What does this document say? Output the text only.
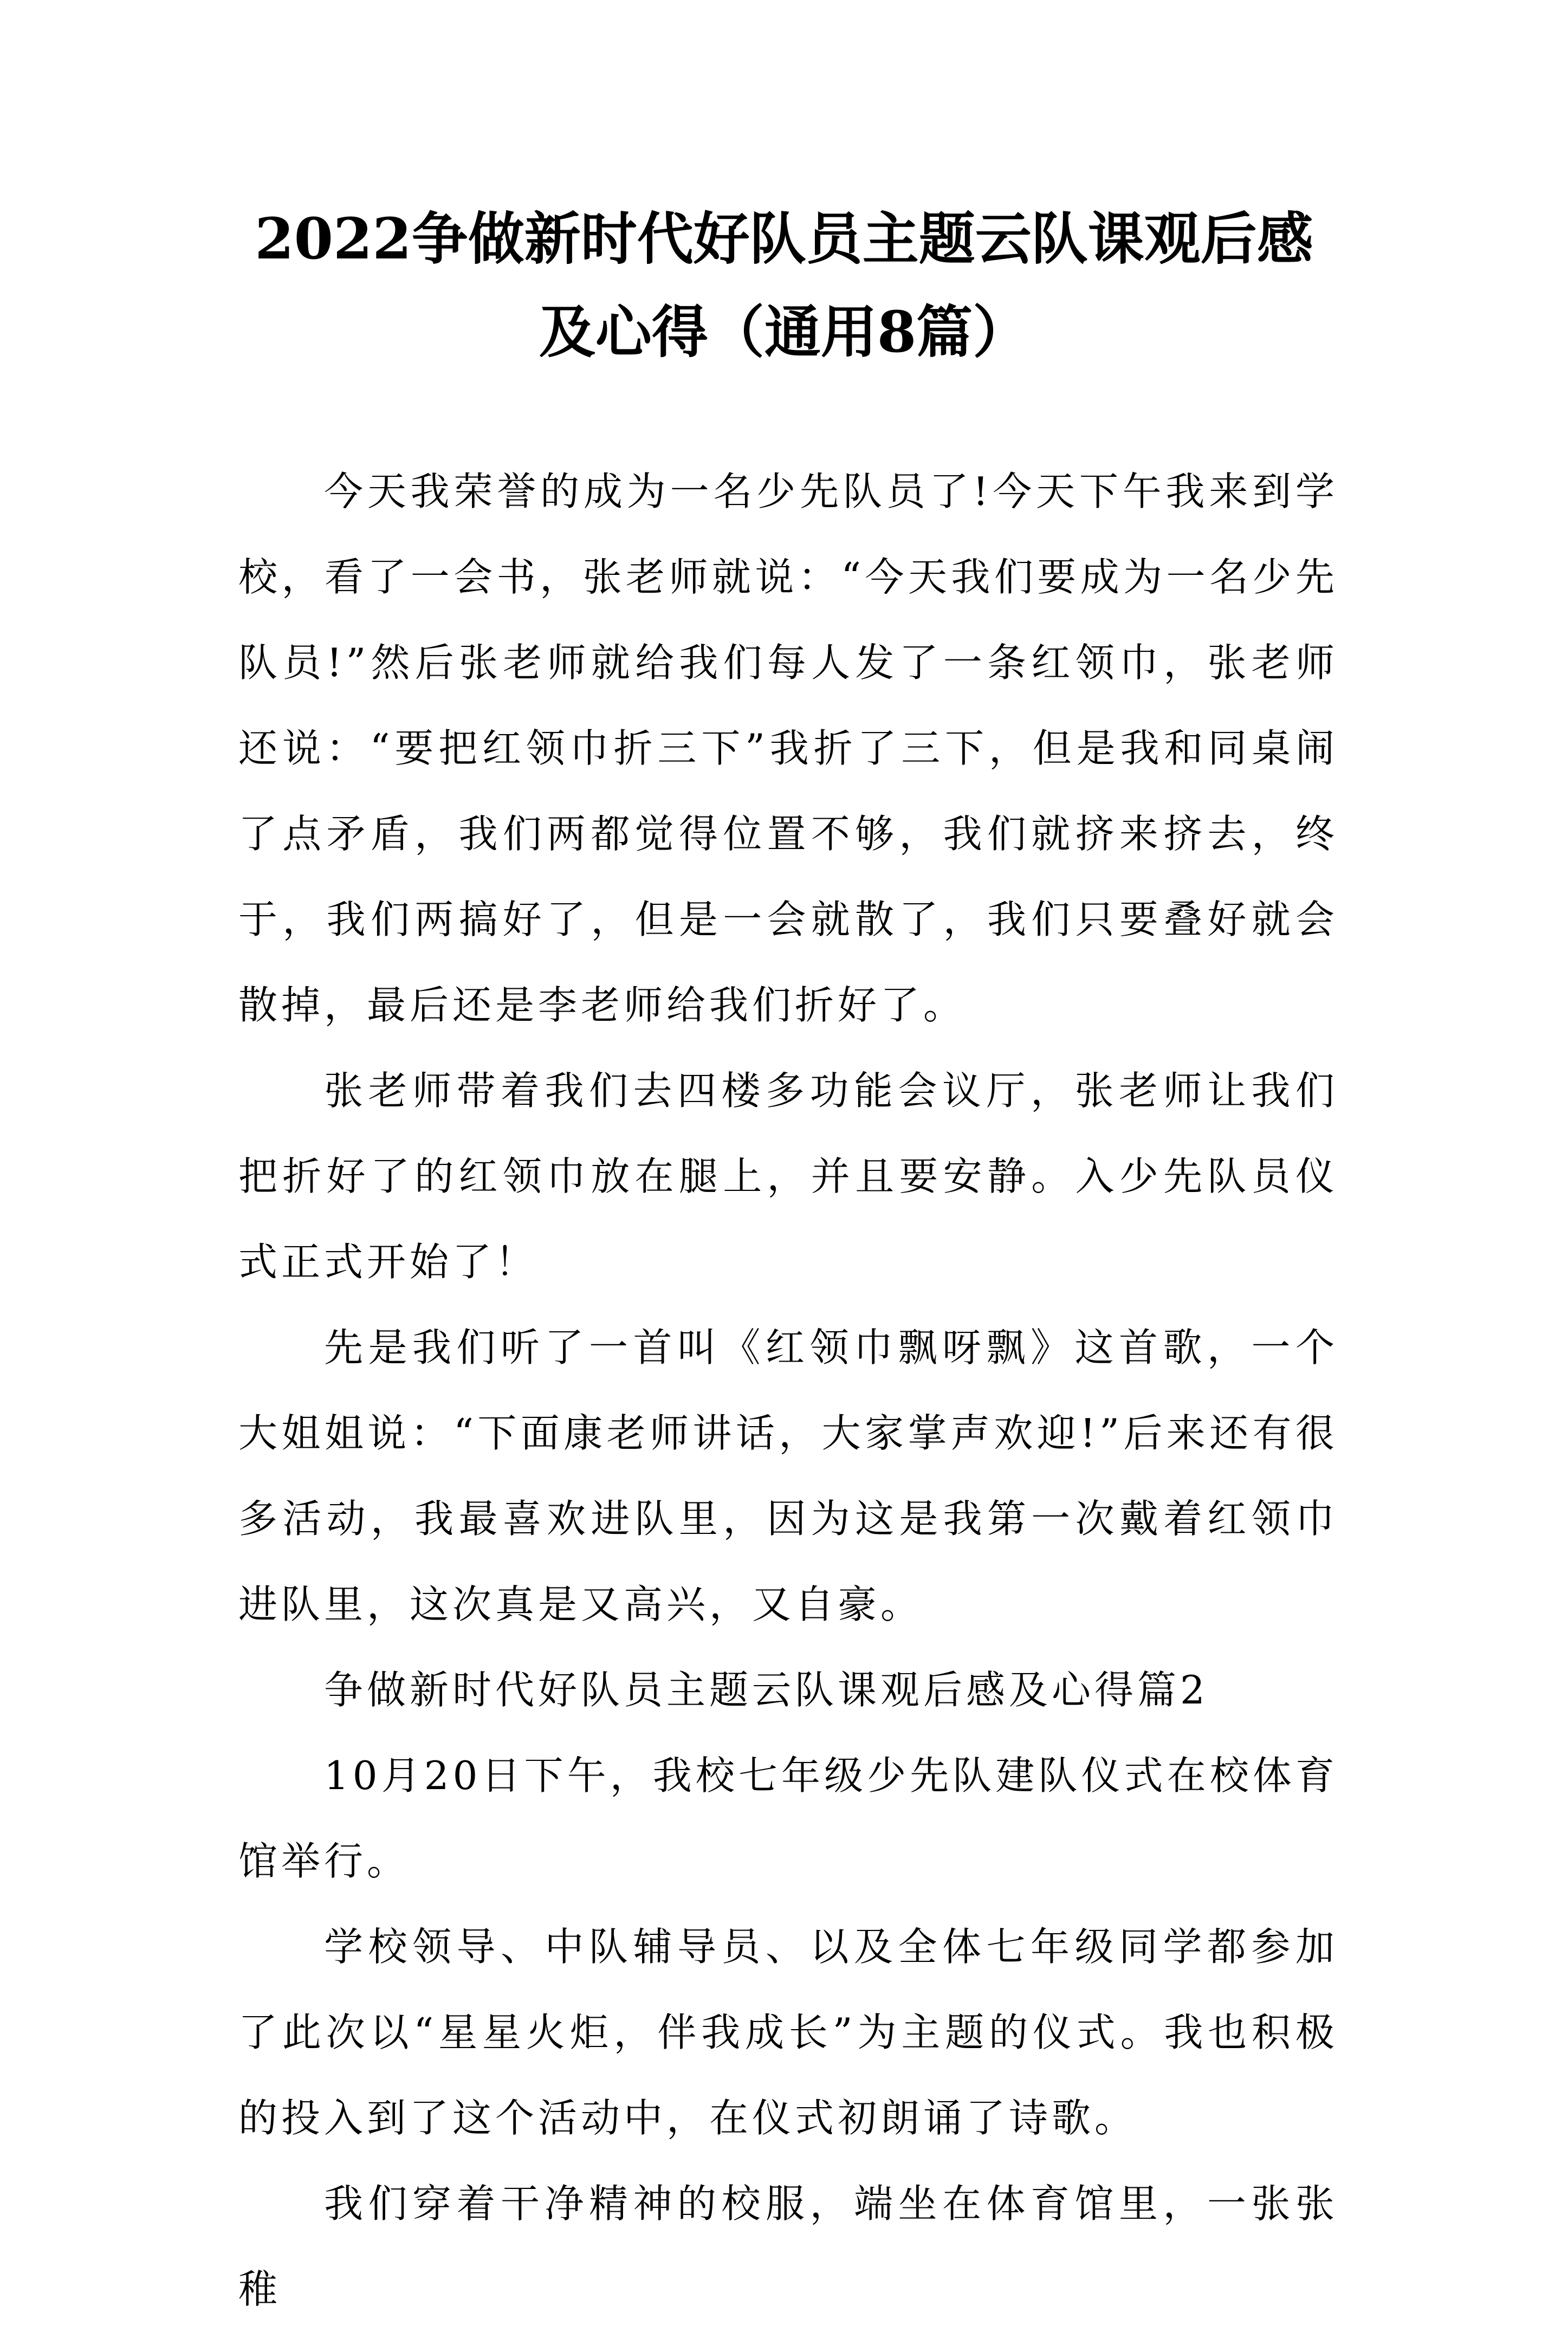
2022争做新时代好队员主题云队课观后感
及心得（通用8篇）

今天我荣誉的成为一名少先队员了!今天下午我来到学校，看了一会书，张老师就说：“今天我们要成为一名少先队员!”然后张老师就给我们每人发了一条红领巾，张老师还说：“要把红领巾折三下”我折了三下，但是我和同桌闹了点矛盾，我们两都觉得位置不够，我们就挤来挤去，终于，我们两搞好了，但是一会就散了，我们只要叠好就会散掉，最后还是李老师给我们折好了。

张老师带着我们去四楼多功能会议厅，张老师让我们把折好了的红领巾放在腿上，并且要安静。入少先队员仪式正式开始了！

先是我们听了一首叫《红领巾飘呀飘》这首歌，一个大姐姐说：“下面康老师讲话，大家掌声欢迎!”后来还有很多活动，我最喜欢进队里，因为这是我第一次戴着红领巾进队里，这次真是又高兴，又自豪。

争做新时代好队员主题云队课观后感及心得篇2

10月20日下午，我校七年级少先队建队仪式在校体育馆举行。

学校领导、中队辅导员、以及全体七年级同学都参加了此次以“星星火炬，伴我成长”为主题的仪式。我也积极的投入到了这个活动中，在仪式初朗诵了诗歌。

我们穿着干净精神的校服，端坐在体育馆里，一张张稚
